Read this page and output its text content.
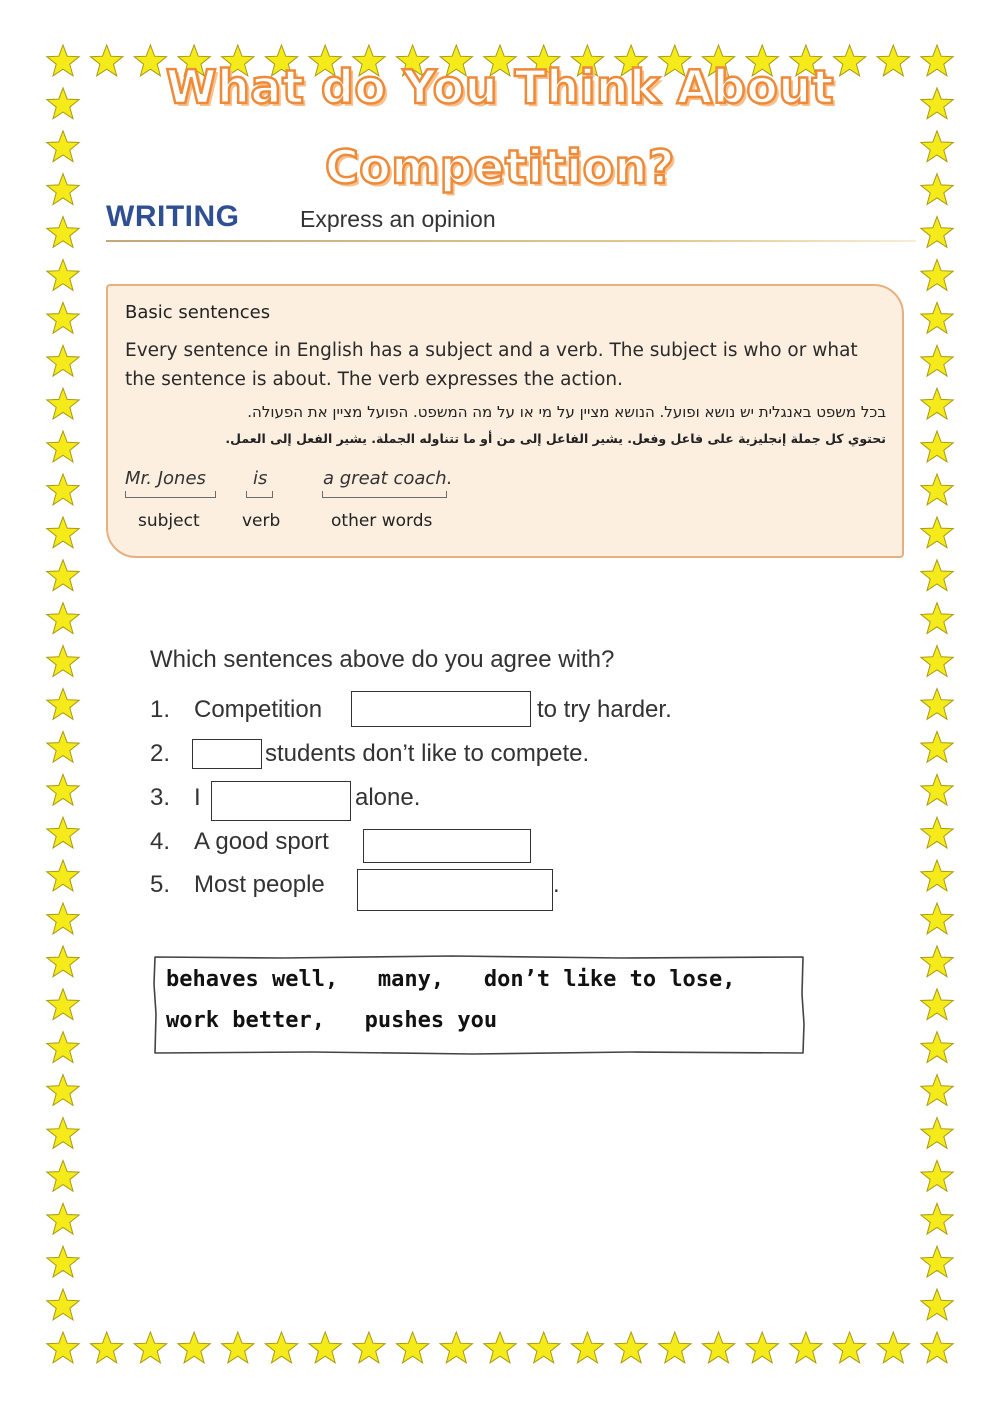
What do You Think About
Competition?
WRITING	Express an opinion
Basic sentences
Every sentence in English has a subject and a verb. The subject is who or what the sentence is about. The verb expresses the action.
בכל משפט באנגלית יש נושא ופועל. הנושא מציין על מי או על מה המשפט. הפועל מציין את הפעולה.
تحتوي كل جملة إنجليزية على فاعل وفعل. يشير الفاعل إلى من أو ما تتناوله الجملة. يشير الفعل إلى العمل.
Mr. Jones
subject
is
verb
a great coach.
other words
Which sentences above do you agree with?
1. Competition	to try harder.
2.	students don’t like to compete.
3. I	alone.
4. A good sport
5. Most people	.
behaves well,   many,   don’t like to lose,
work better,   pushes you
